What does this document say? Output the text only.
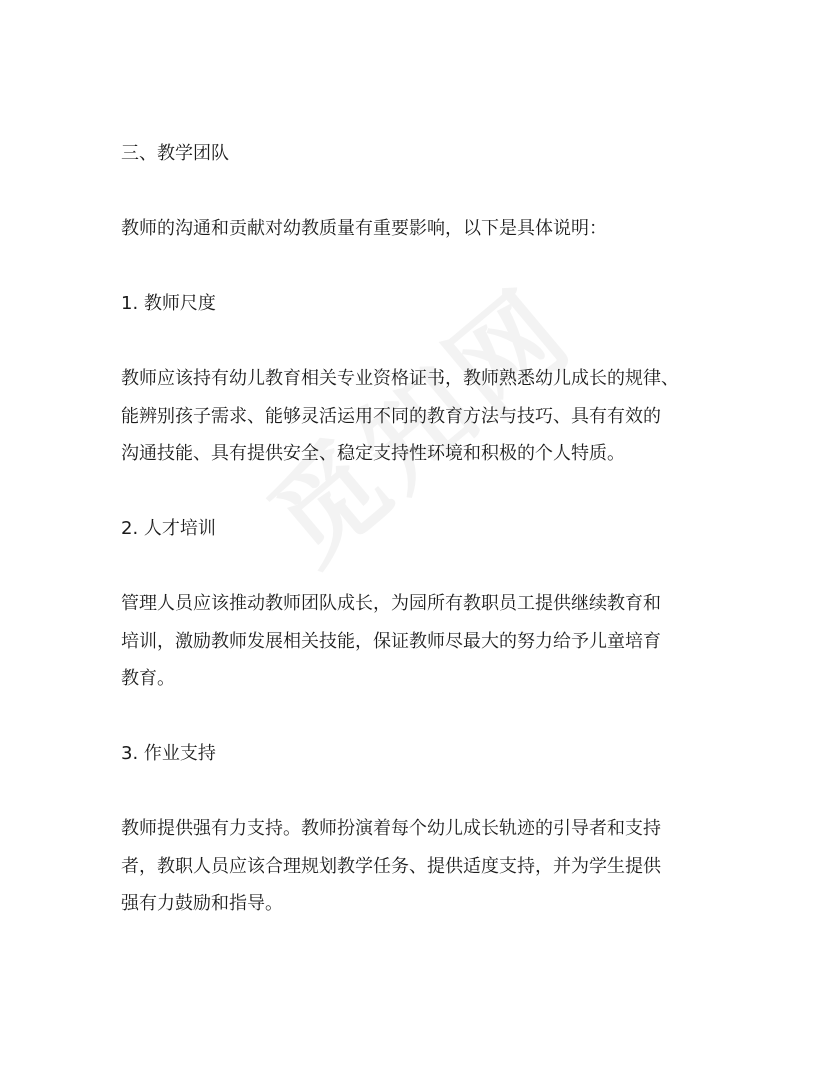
三、教学团队
教师的沟通和贡献对幼教质量有重要影响，以下是具体说明：
1. 教师尺度
教师应该持有幼儿教育相关专业资格证书，教师熟悉幼儿成长的规律、
能辨别孩子需求、能够灵活运用不同的教育方法与技巧、具有有效的
沟通技能、具有提供安全、稳定支持性环境和积极的个人特质。
2. 人才培训
管理人员应该推动教师团队成长，为园所有教职员工提供继续教育和
培训，激励教师发展相关技能，保证教师尽最大的努力给予儿童培育
教育。
3. 作业支持
教师提供强有力支持。教师扮演着每个幼儿成长轨迹的引导者和支持
者，教职人员应该合理规划教学任务、提供适度支持，并为学生提供
强有力鼓励和指导。
